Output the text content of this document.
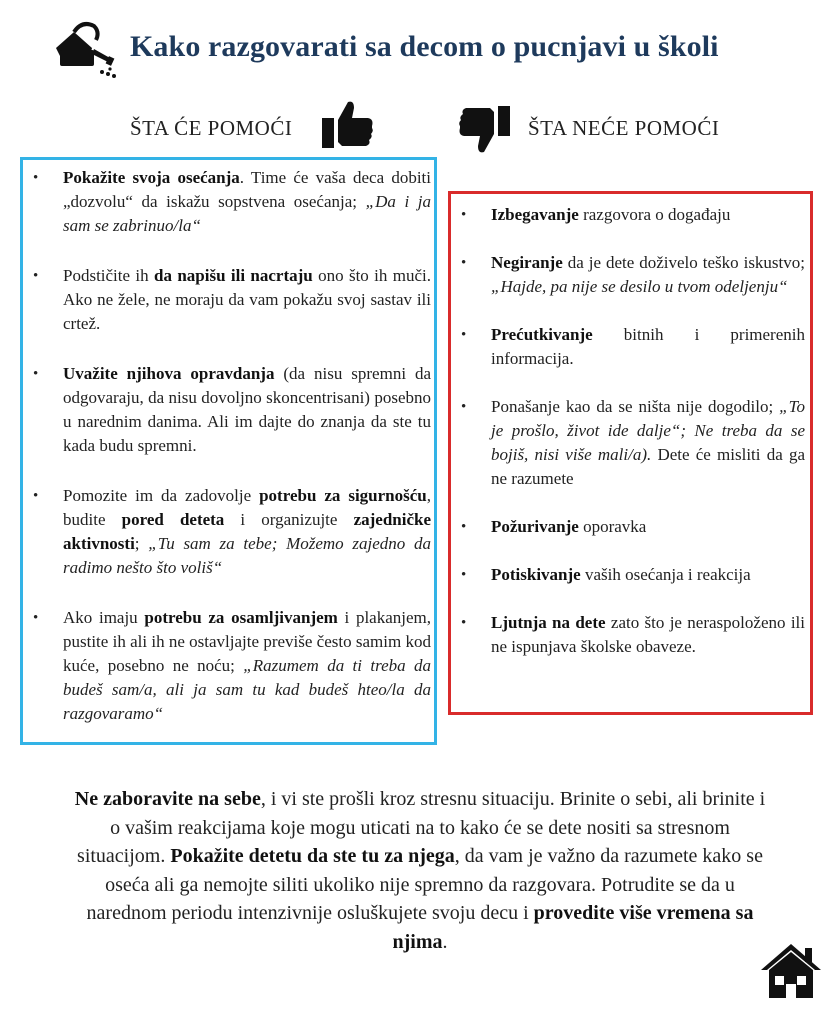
Kako razgovarati sa decom o pucnjavi u školi
ŠTA ĆE POMOĆI	ŠTA NEĆE POMOĆI
• Pokažite svoja osećanja. Time će vaša deca dobiti „dozvolu“ da iskažu sopstvena osećanja; „Da i ja sam se zabrinuo/la“
• Podstičite ih da napišu ili nacrtaju ono što ih muči. Ako ne žele, ne moraju da vam pokažu svoj sastav ili crtež.
• Uvažite njihova opravdanja (da nisu spremni da odgovaraju, da nisu dovoljno skoncentrisani) posebno u narednim danima. Ali im dajte do znanja da ste tu kada budu spremni.
• Pomozite im da zadovolje potrebu za sigurnošću, budite pored deteta i organizujte zajedničke aktivnosti; „Tu sam za tebe; Možemo zajedno da radimo nešto što voliš“
• Ako imaju potrebu za osamljivanjem i plakanjem, pustite ih ali ih ne ostavljajte previše često samim kod kuće, posebno ne noću; „Razumem da ti treba da budeš sam/a, ali ja sam tu kad budeš hteo/la da razgovaramo“
• Izbegavanje razgovora o događaju
• Negiranje da je dete doživelo teško iskustvo; „Hajde, pa nije se desilo u tvom odeljenju“
• Prećutkivanje bitnih i primerenih informacija.
• Ponašanje kao da se ništa nije dogodilo; „To je prošlo, život ide dalje“; Ne treba da se bojiš, nisi više mali/a). Dete će misliti da ga ne razumete
• Požurivanje oporavka
• Potiskivanje vaših osećanja i reakcija
• Ljutnja na dete zato što je neraspoloženo ili ne ispunjava školske obaveze.
Ne zaboravite na sebe, i vi ste prošli kroz stresnu situaciju. Brinite o sebi, ali brinite i o vašim reakcijama koje mogu uticati na to kako će se dete nositi sa stresnom situacijom. Pokažite detetu da ste tu za njega, da vam je važno da razumete kako se oseća ali ga nemojte siliti ukoliko nije spremno da razgovara. Potrudite se da u narednom periodu intenzivnije osluškujete svoju decu i provedite više vremena sa njima.
